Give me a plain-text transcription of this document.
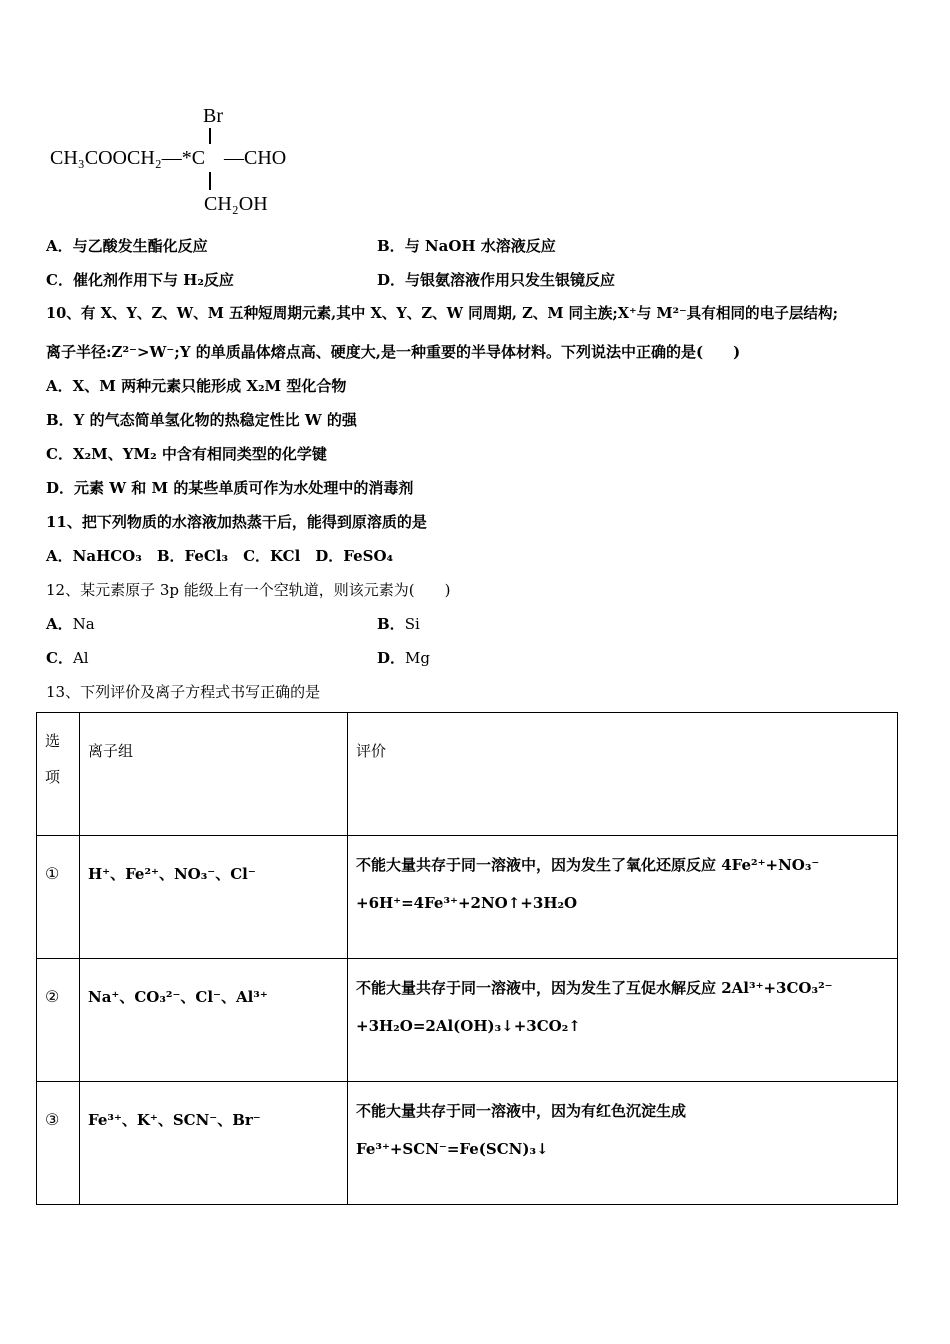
Br
CH₃COOCH₂—*C —CHO
CH₂OH
A．与乙酸发生酯化反应	B．与 NaOH 水溶液反应
C．催化剂作用下与 H₂反应	D．与银氨溶液作用只发生银镜反应
10、有 X、Y、Z、W、M 五种短周期元素,其中 X、Y、Z、W 同周期, Z、M 同主族;X⁺与 M²⁻具有相同的电子层结构;
离子半径:Z²⁻>W⁻;Y 的单质晶体熔点高、硬度大,是一种重要的半导体材料。下列说法中正确的是(　　)
A．X、M 两种元素只能形成 X₂M 型化合物
B．Y 的气态简单氢化物的热稳定性比 W 的强
C．X₂M、YM₂ 中含有相同类型的化学键
D．元素 W 和 M 的某些单质可作为水处理中的消毒剂
11、把下列物质的水溶液加热蒸干后，能得到原溶质的是
A．NaHCO₃　B．FeCl₃　C．KCl　D．FeSO₄
12、某元素原子 3p 能级上有一个空轨道，则该元素为(　　)
A．Na	B．Si
C．Al	D．Mg
13、下列评价及离子方程式书写正确的是
选
项	离子组	评价

①	H⁺、Fe²⁺、NO₃⁻、Cl⁻	不能大量共存于同一溶液中，因为发生了氧化还原反应 4Fe²⁺+NO₃⁻
+6H⁺=4Fe³⁺+2NO↑+3H₂O

②	Na⁺、CO₃²⁻、Cl⁻、Al³⁺	不能大量共存于同一溶液中，因为发生了互促水解反应 2Al³⁺+3CO₃²⁻
+3H₂O=2Al(OH)₃↓+3CO₂↑

③	Fe³⁺、K⁺、SCN⁻、Br⁻	不能大量共存于同一溶液中，因为有红色沉淀生成
Fe³⁺+SCN⁻=Fe(SCN)₃↓
